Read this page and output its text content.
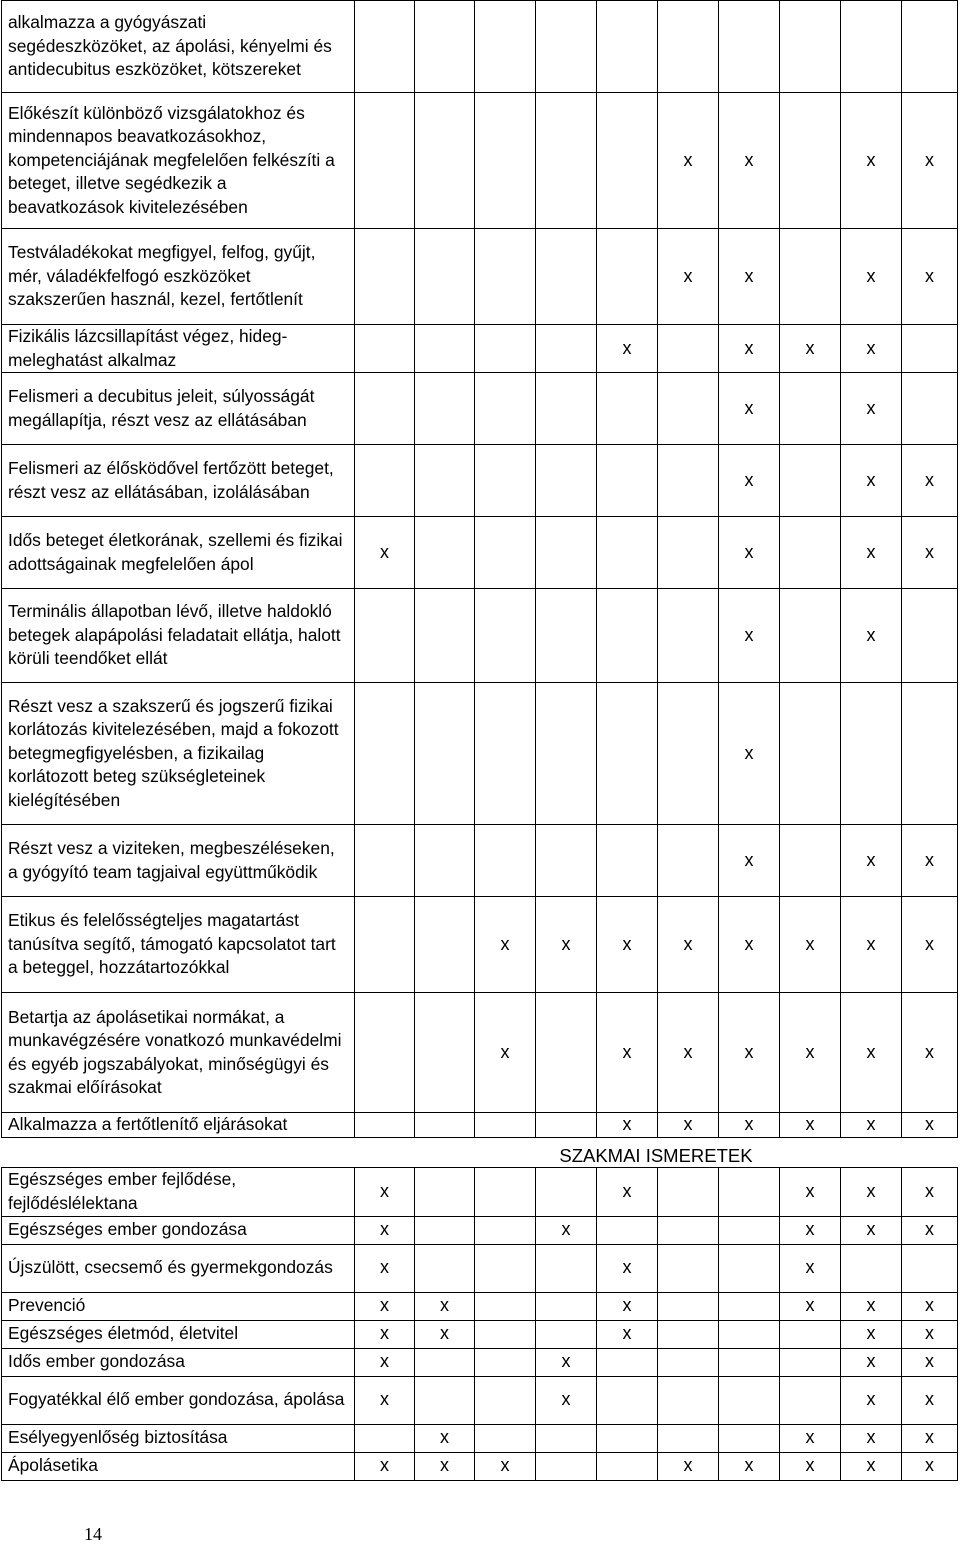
alkalmazza a gyógyászati segédeszközöket, az ápolási, kényelmi és antidecubitus eszközöket, kötszereket										
Előkészít különböző vizsgálatokhoz és mindennapos beavatkozásokhoz, kompetenciájának megfelelően felkészíti a beteget, illetve segédkezik a beavatkozások kivitelezésében						x	x		x	x
Testváladékokat megfigyel, felfog, gyűjt, mér, váladékfelfogó eszközöket szakszerűen használ, kezel, fertőtlenít						x	x		x	x
Fizikális lázcsillapítást végez, hideg-meleghatást alkalmaz					x		x	x	x	
Felismeri a decubitus jeleit, súlyosságát megállapítja, részt vesz az ellátásában							x		x	
Felismeri az élősködővel fertőzött beteget, részt vesz az ellátásában, izolálásában							x		x	x
Idős beteget életkorának, szellemi és fizikai adottságainak megfelelően ápol	x						x		x	x
Terminális állapotban lévő, illetve haldokló betegek alapápolási feladatait ellátja, halott körüli teendőket ellát							x		x	
Részt vesz a szakszerű és jogszerű fizikai korlátozás kivitelezésében, majd a fokozott betegmegfigyelésben, a fizikailag korlátozott beteg szükségleteinek kielégítésében							x			
Részt vesz a viziteken, megbeszéléseken, a gyógyító team tagjaival együttműködik							x		x	x
Etikus és felelősségteljes magatartást tanúsítva segítő, támogató kapcsolatot tart a beteggel, hozzátartozókkal			x	x	x	x	x	x	x	x
Betartja az ápolásetikai normákat, a munkavégzésére vonatkozó munkavédelmi és egyéb jogszabályokat, minőségügyi és szakmai előírásokat			x		x	x	x	x	x	x
Alkalmazza a fertőtlenítő eljárásokat					x	x	x	x	x	x
	SZAKMAI ISMERETEK									
Egészséges ember fejlődése, fejlődéslélektana	x				x			x	x	x
Egészséges ember gondozása	x			x				x	x	x
Újszülött, csecsemő és gyermekgondozás	x				x			x		
Prevenció	x	x			x			x	x	x
Egészséges életmód, életvitel	x	x			x				x	x
Idős ember gondozása	x			x					x	x
Fogyatékkal élő ember gondozása, ápolása	x			x					x	x
Esélyegyenlőség biztosítása		x						x	x	x
Ápolásetika	x	x	x			x	x	x	x	x
14
